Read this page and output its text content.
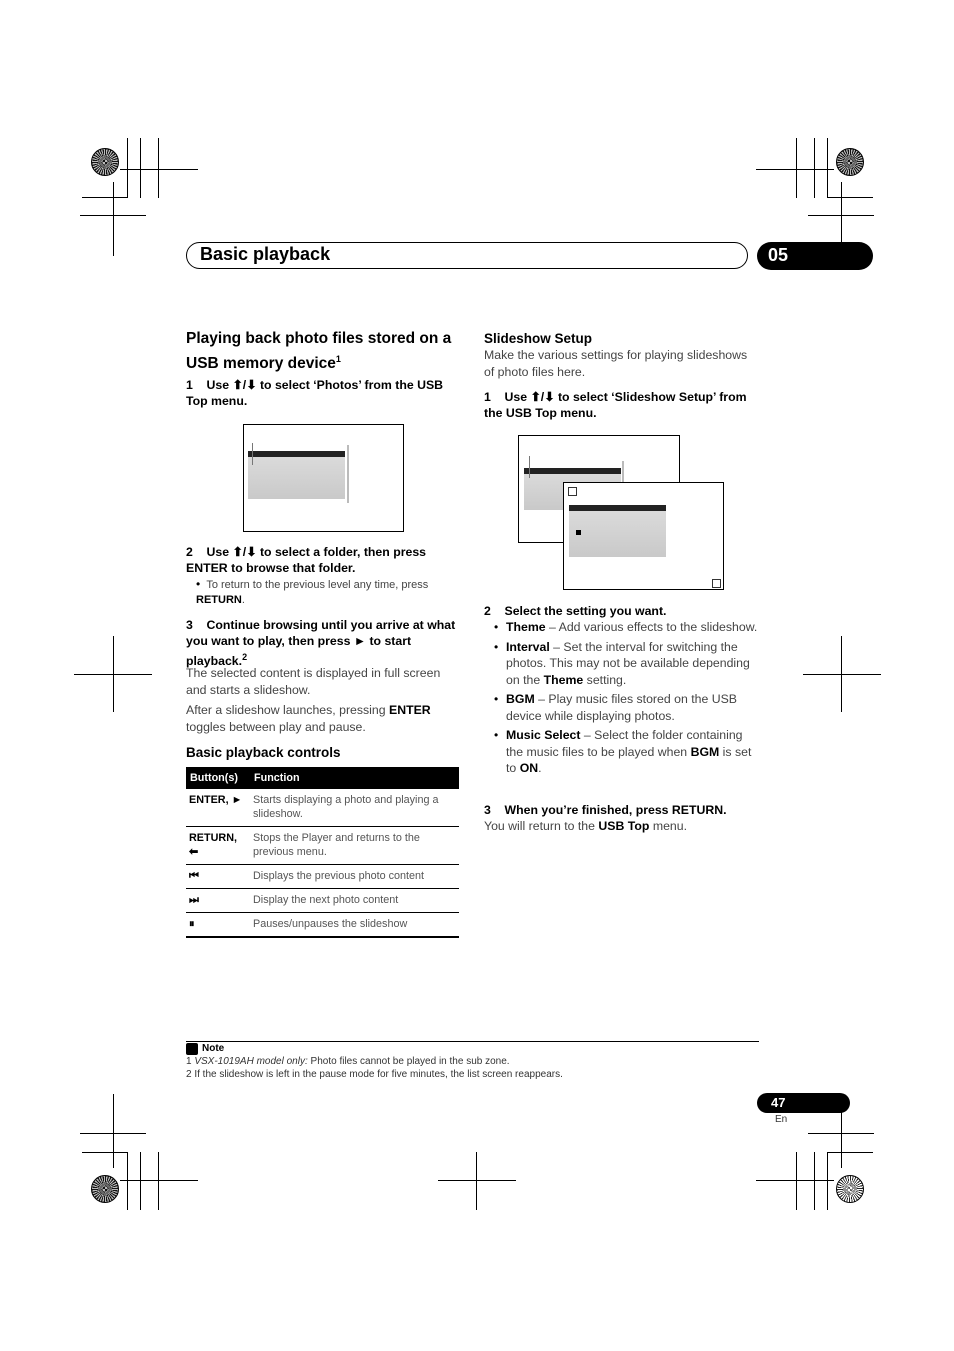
Basic playback	05
Playing back photo files stored on a USB memory device$^1$
1 Use ⬆/⬇ to select ‘Photos’ from the USB Top menu.
2 Use ⬆/⬇ to select a folder, then press ENTER to browse that folder.
• To return to the previous level any time, press RETURN.
3 Continue browsing until you arrive at what you want to play, then press ► to start playback.$^2$
The selected content is displayed in full screen and starts a slideshow.
After a slideshow launches, pressing ENTER toggles between play and pause.
Basic playback controls
Button(s)	Function
ENTER, ►	Starts displaying a photo and playing a slideshow.
RETURN, ⬅	Stops the Player and returns to the previous menu.
⏮	Displays the previous photo content
⏭	Display the next photo content
⏸	Pauses/unpauses the slideshow
Slideshow Setup
Make the various settings for playing slideshows of photo files here.
1 Use ⬆/⬇ to select ‘Slideshow Setup’ from the USB Top menu.
2 Select the setting you want.
• Theme – Add various effects to the slideshow.
• Interval – Set the interval for switching the photos. This may not be available depending on the Theme setting.
• BGM – Play music files stored on the USB device while displaying photos.
• Music Select – Select the folder containing the music files to be played when BGM is set to ON.
3 When you’re finished, press RETURN.
You will return to the USB Top menu.
Note
1 VSX-1019AH model only: Photo files cannot be played in the sub zone.
2 If the slideshow is left in the pause mode for five minutes, the list screen reappears.
47
En
